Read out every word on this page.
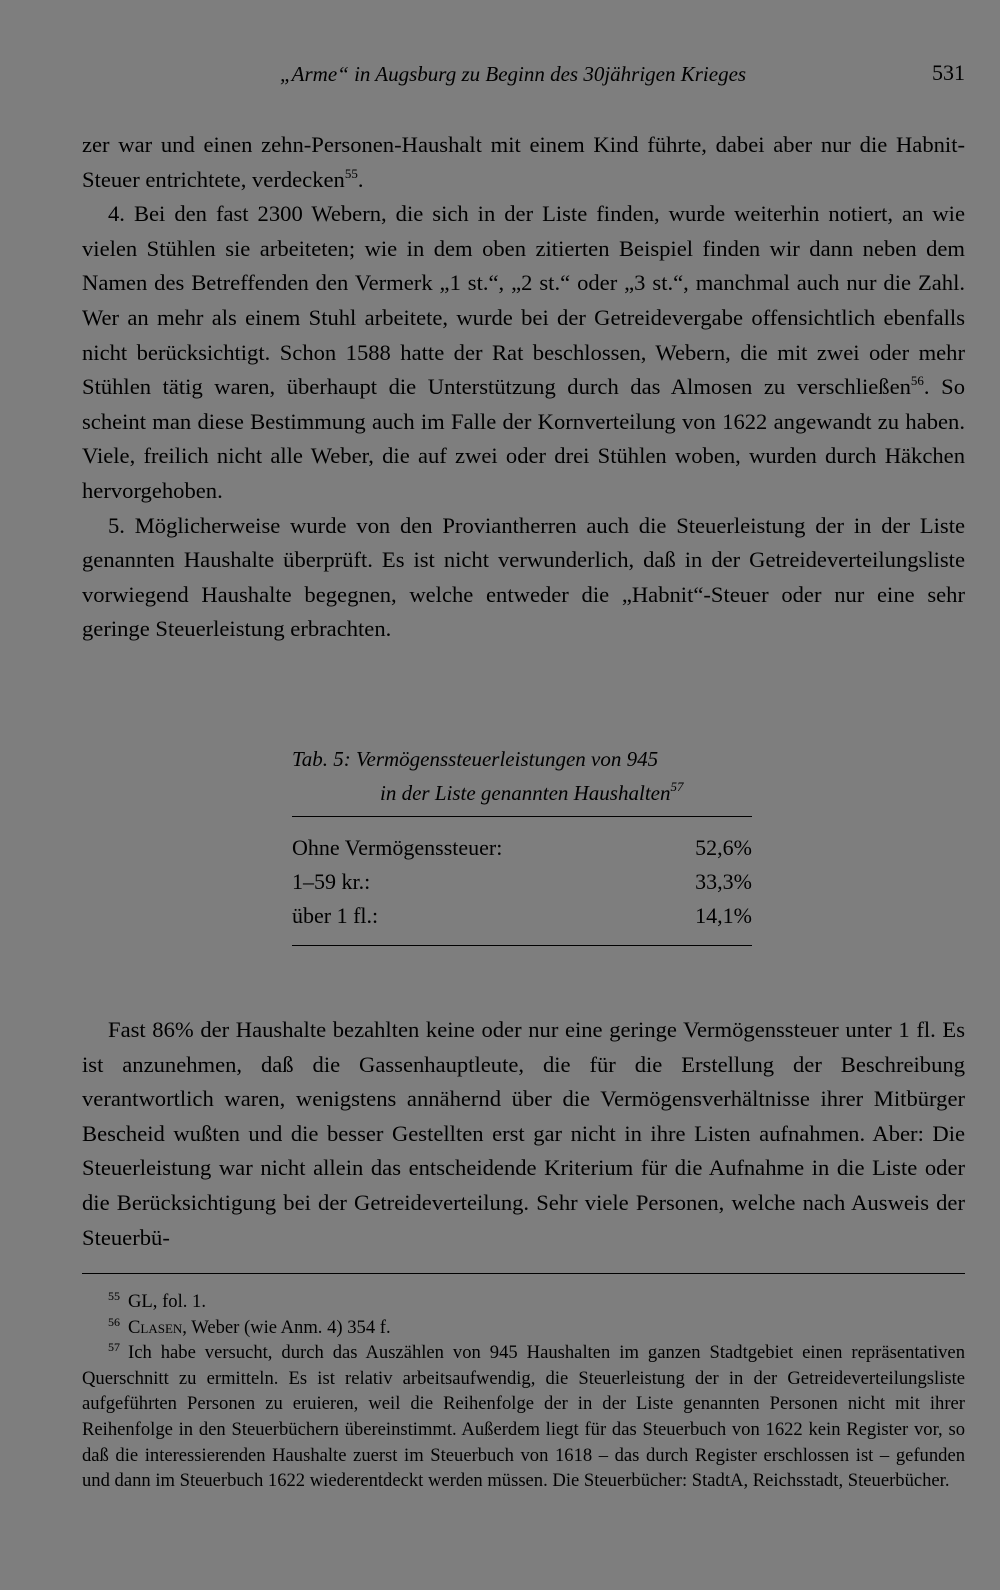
„Arme“ in Augsburg zu Beginn des 30jährigen Krieges	531

zer war und einen zehn-Personen-Haushalt mit einem Kind führte, dabei aber nur die Habnit-Steuer entrichtete, verdecken$^{55}$.

4. Bei den fast 2300 Webern, die sich in der Liste finden, wurde weiterhin notiert, an wie vielen Stühlen sie arbeiteten; wie in dem oben zitierten Beispiel finden wir dann neben dem Namen des Betreffenden den Vermerk „1 st.“, „2 st.“ oder „3 st.“, manchmal auch nur die Zahl. Wer an mehr als einem Stuhl arbeitete, wurde bei der Getreidevergabe offensichtlich ebenfalls nicht berücksichtigt. Schon 1588 hatte der Rat beschlossen, Webern, die mit zwei oder mehr Stühlen tätig waren, überhaupt die Unterstützung durch das Almosen zu verschließen$^{56}$. So scheint man diese Bestimmung auch im Falle der Kornverteilung von 1622 angewandt zu haben. Viele, freilich nicht alle Weber, die auf zwei oder drei Stühlen woben, wurden durch Häkchen hervorgehoben.

5. Möglicherweise wurde von den Proviantherren auch die Steuerleistung der in der Liste genannten Haushalte überprüft. Es ist nicht verwunderlich, daß in der Getreideverteilungsliste vorwiegend Haushalte begegnen, welche entweder die „Habnit“-Steuer oder nur eine sehr geringe Steuerleistung erbrachten.

Tab. 5: Vermögenssteuerleistungen von 945
in der Liste genannten Haushalten$^{57}$
Ohne Vermögenssteuer:	52,6%
1–59 kr.:	33,3%
über 1 fl.:	14,1%

Fast 86% der Haushalte bezahlten keine oder nur eine geringe Vermögenssteuer unter 1 fl. Es ist anzunehmen, daß die Gassenhauptleute, die für die Erstellung der Beschreibung verantwortlich waren, wenigstens annähernd über die Vermögensverhältnisse ihrer Mitbürger Bescheid wußten und die besser Gestellten erst gar nicht in ihre Listen aufnahmen. Aber: Die Steuerleistung war nicht allein das entscheidende Kriterium für die Aufnahme in die Liste oder die Berücksichtigung bei der Getreideverteilung. Sehr viele Personen, welche nach Ausweis der Steuerbü-

$^{55}$ GL, fol. 1.

$^{56}$ Clasen, Weber (wie Anm. 4) 354 f.

$^{57}$ Ich habe versucht, durch das Auszählen von 945 Haushalten im ganzen Stadtgebiet einen repräsentativen Querschnitt zu ermitteln. Es ist relativ arbeitsaufwendig, die Steuerleistung der in der Getreideverteilungsliste aufgeführten Personen zu eruieren, weil die Reihenfolge der in der Liste genannten Personen nicht mit ihrer Reihenfolge in den Steuerbüchern übereinstimmt. Außerdem liegt für das Steuerbuch von 1622 kein Register vor, so daß die interessierenden Haushalte zuerst im Steuerbuch von 1618 – das durch Register erschlossen ist – gefunden und dann im Steuerbuch 1622 wiederentdeckt werden müssen. Die Steuerbücher: StadtA, Reichsstadt, Steuerbücher.
